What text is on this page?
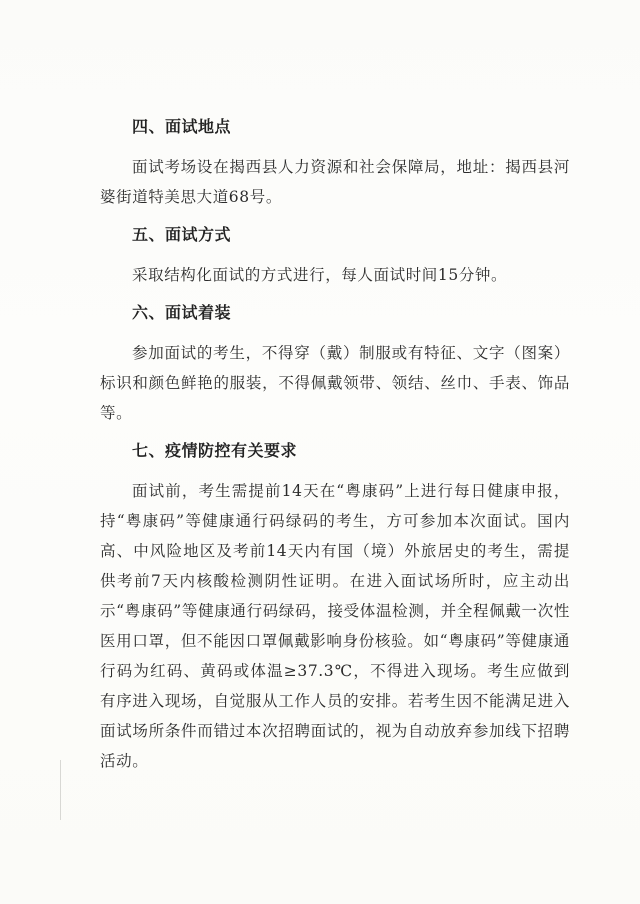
四、面试地点

面试考场设在揭西县人力资源和社会保障局，地址：揭西县河婆街道特美思大道68号。

五、面试方式

采取结构化面试的方式进行，每人面试时间15分钟。

六、面试着装

参加面试的考生，不得穿（戴）制服或有特征、文字（图案）标识和颜色鲜艳的服装，不得佩戴领带、领结、丝巾、手表、饰品等。

七、疫情防控有关要求

面试前，考生需提前14天在“粤康码”上进行每日健康申报，持“粤康码”等健康通行码绿码的考生，方可参加本次面试。国内高、中风险地区及考前14天内有国（境）外旅居史的考生，需提供考前7天内核酸检测阴性证明。在进入面试场所时，应主动出示“粤康码”等健康通行码绿码，接受体温检测，并全程佩戴一次性医用口罩，但不能因口罩佩戴影响身份核验。如“粤康码”等健康通行码为红码、黄码或体温≥37.3℃，不得进入现场。考生应做到有序进入现场，自觉服从工作人员的安排。若考生因不能满足进入面试场所条件而错过本次招聘面试的，视为自动放弃参加线下招聘活动。
